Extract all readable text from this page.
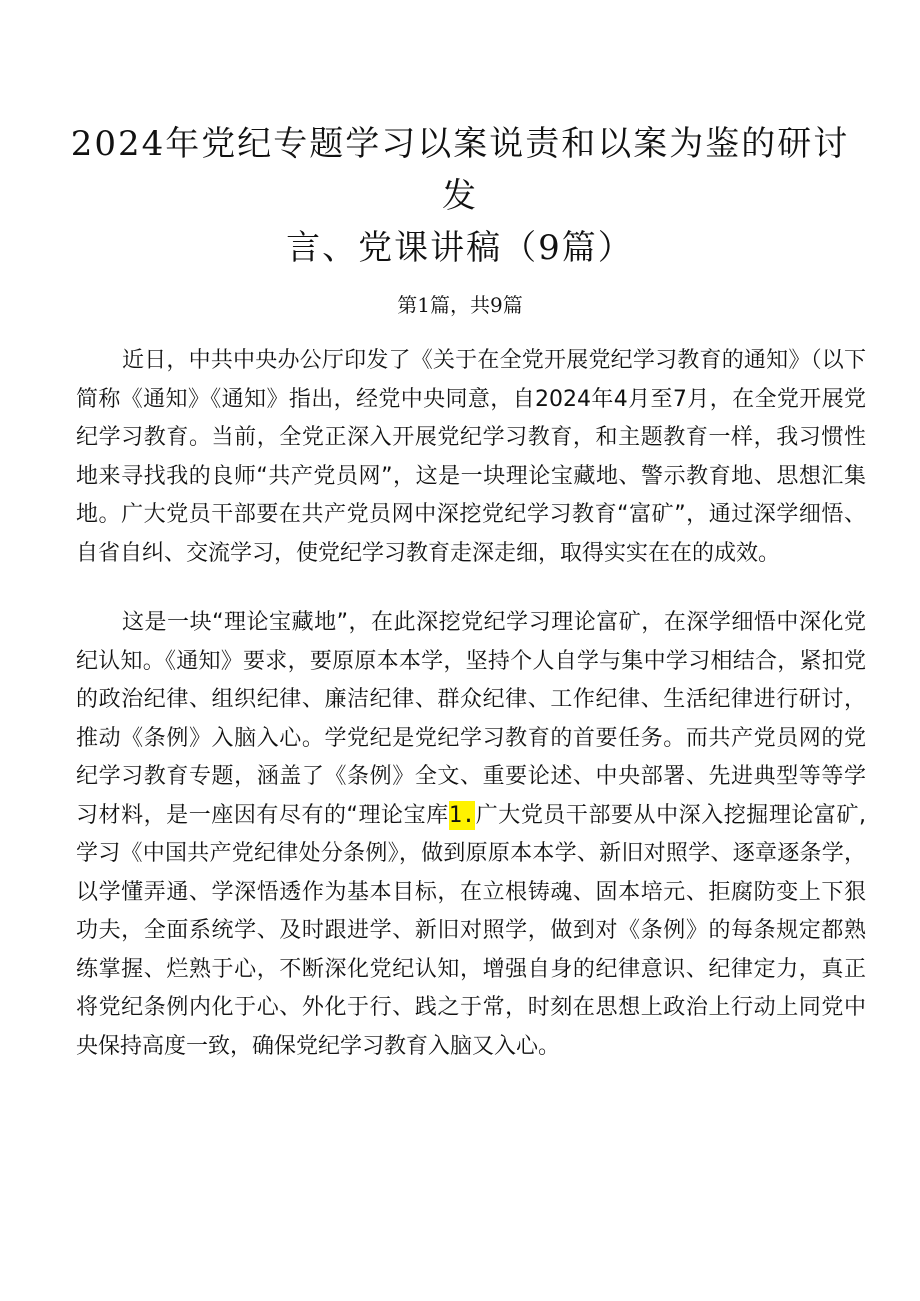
2024年党纪专题学习以案说责和以案为鉴的研讨发
言、党课讲稿（9篇）
第1篇，共9篇

近日，中共中央办公厅印发了《关于在全党开展党纪学习教育的通知》（以下简称《通知》《通知》指出，经党中央同意，自2024年4月至7月，在全党开展党纪学习教育。当前，全党正深入开展党纪学习教育，和主题教育一样，我习惯性地来寻找我的良师“共产党员网”，这是一块理论宝藏地、警示教育地、思想汇集地。广大党员干部要在共产党员网中深挖党纪学习教育“富矿”，通过深学细悟、自省自纠、交流学习，使党纪学习教育走深走细，取得实实在在的成效。

这是一块“理论宝藏地”，在此深挖党纪学习理论富矿，在深学细悟中深化党纪认知。《通知》要求，要原原本本学，坚持个人自学与集中学习相结合，紧扣党的政治纪律、组织纪律、廉洁纪律、群众纪律、工作纪律、生活纪律进行研讨，推动《条例》入脑入心。学党纪是党纪学习教育的首要任务。而共产党员网的党纪学习教育专题，涵盖了《条例》全文、重要论述、中央部署、先进典型等等学习材料，是一座因有尽有的“理论宝库1.广大党员干部要从中深入挖掘理论富矿,学习《中国共产党纪律处分条例》，做到原原本本学、新旧对照学、逐章逐条学，以学懂弄通、学深悟透作为基本目标，在立根铸魂、固本培元、拒腐防变上下狠功夫，全面系统学、及时跟进学、新旧对照学，做到对《条例》的每条规定都熟练掌握、烂熟于心，不断深化党纪认知，增强自身的纪律意识、纪律定力，真正将党纪条例内化于心、外化于行、践之于常，时刻在思想上政治上行动上同党中央保持高度一致，确保党纪学习教育入脑又入心。
